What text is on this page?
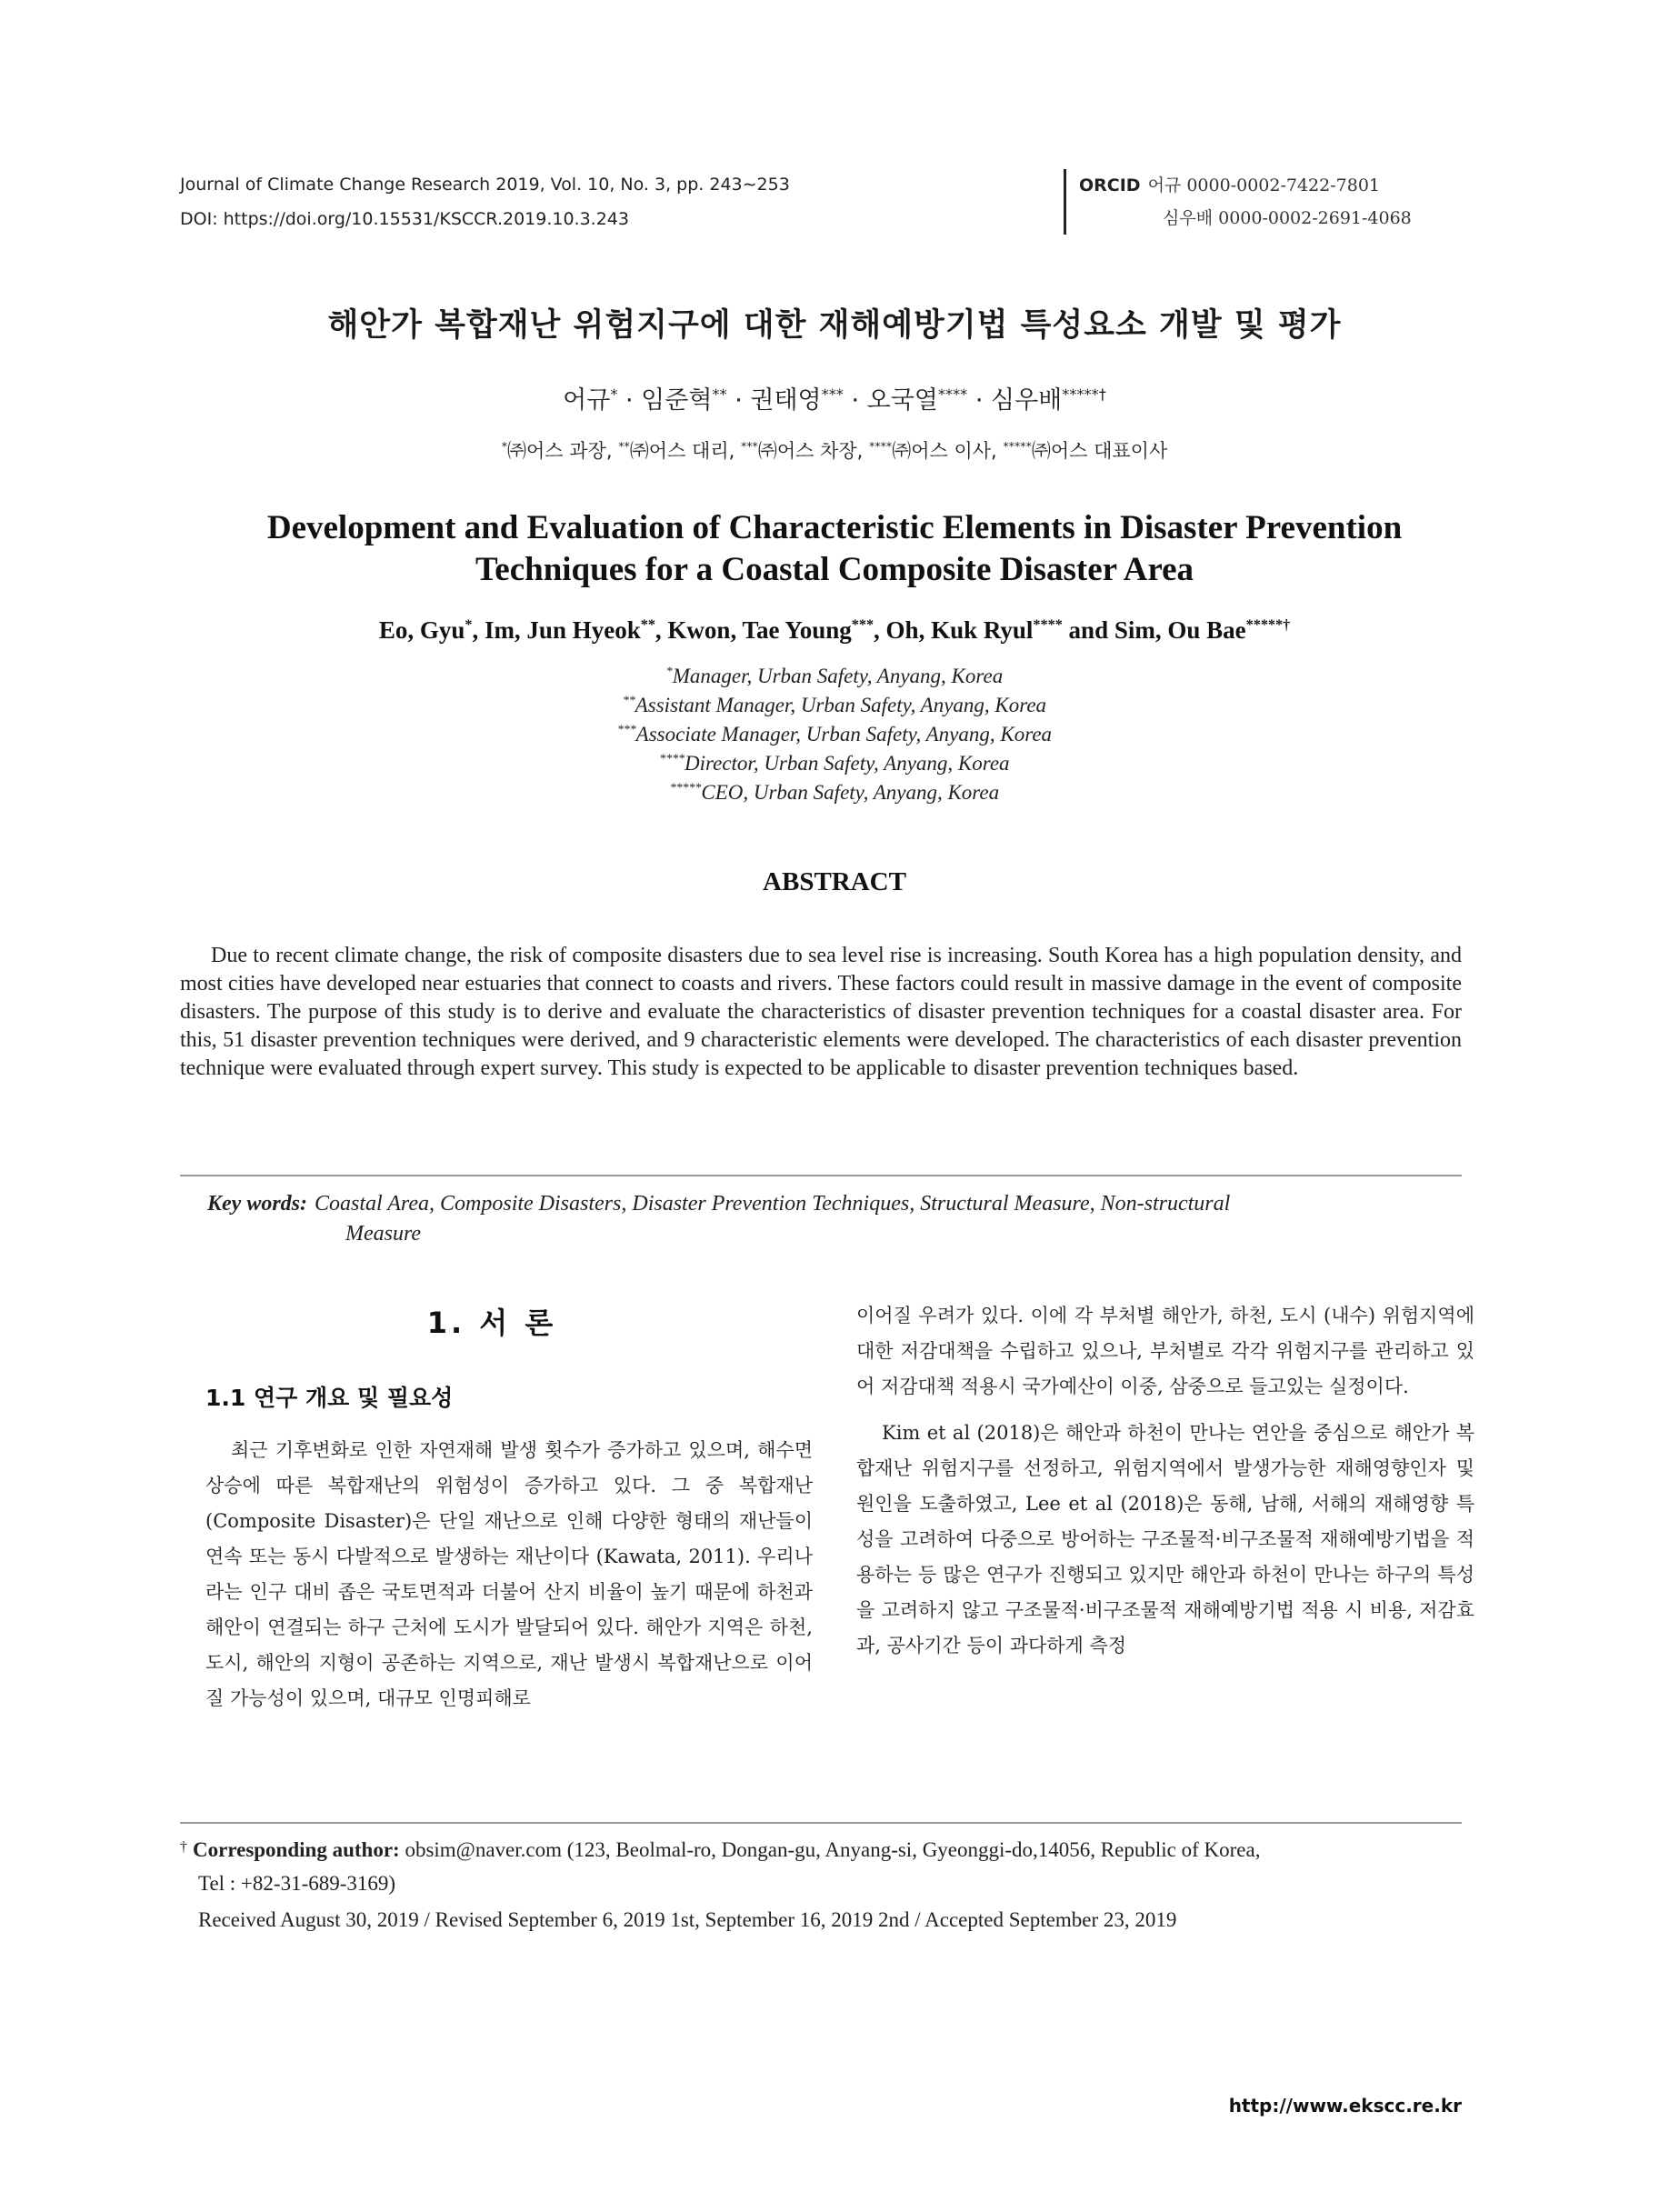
Journal of Climate Change Research 2019, Vol. 10, No. 3, pp. 243∼253
DOI: https://doi.org/10.15531/KSCCR.2019.10.3.243
ORCID 어규 0000-0002-7422-7801
심우배 0000-0002-2691-4068
해안가 복합재난 위험지구에 대한 재해예방기법 특성요소 개발 및 평가
어규* · 임준혁** · 권태영*** · 오국열**** · 심우배*****†
*㈜어스 과장, **㈜어스 대리, ***㈜어스 차장, ****㈜어스 이사, *****㈜어스 대표이사
Development and Evaluation of Characteristic Elements in Disaster Prevention
Techniques for a Coastal Composite Disaster Area
Eo, Gyu*, Im, Jun Hyeok**, Kwon, Tae Young***, Oh, Kuk Ryul**** and Sim, Ou Bae*****†
*Manager, Urban Safety, Anyang, Korea
**Assistant Manager, Urban Safety, Anyang, Korea
***Associate Manager, Urban Safety, Anyang, Korea
****Director, Urban Safety, Anyang, Korea
*****CEO, Urban Safety, Anyang, Korea
ABSTRACT

Due to recent climate change, the risk of composite disasters due to sea level rise is increasing. South Korea has a high population density, and most cities have developed near estuaries that connect to coasts and rivers. These factors could result in massive damage in the event of composite disasters. The purpose of this study is to derive and evaluate the characteristics of disaster prevention techniques for a coastal disaster area. For this, 51 disaster prevention techniques were derived, and 9 characteristic elements were developed. The characteristics of each disaster prevention technique were evaluated through expert survey. This study is expected to be applicable to disaster prevention techniques based.

Key words: Coastal Area, Composite Disasters, Disaster Prevention Techniques, Structural Measure, Non-structural
Measure
1. 서 론
1.1 연구 개요 및 필요성

최근 기후변화로 인한 자연재해 발생 횟수가 증가하고 있으며, 해수면 상승에 따른 복합재난의 위험성이 증가하고 있다. 그 중 복합재난 (Composite Disaster)은 단일 재난으로 인해 다양한 형태의 재난들이 연속 또는 동시 다발적으로 발생하는 재난이다 (Kawata, 2011). 우리나라는 인구 대비 좁은 국토면적과 더불어 산지 비율이 높기 때문에 하천과 해안이 연결되는 하구 근처에 도시가 발달되어 있다. 해안가 지역은 하천, 도시, 해안의 지형이 공존하는 지역으로, 재난 발생시 복합재난으로 이어질 가능성이 있으며, 대규모 인명피해로

이어질 우려가 있다. 이에 각 부처별 해안가, 하천, 도시 (내수) 위험지역에 대한 저감대책을 수립하고 있으나, 부처별로 각각 위험지구를 관리하고 있어 저감대책 적용시 국가예산이 이중, 삼중으로 들고있는 실정이다.

Kim et al (2018)은 해안과 하천이 만나는 연안을 중심으로 해안가 복합재난 위험지구를 선정하고, 위험지역에서 발생가능한 재해영향인자 및 원인을 도출하였고, Lee et al (2018)은 동해, 남해, 서해의 재해영향 특성을 고려하여 다중으로 방어하는 구조물적·비구조물적 재해예방기법을 적용하는 등 많은 연구가 진행되고 있지만 해안과 하천이 만나는 하구의 특성을 고려하지 않고 구조물적·비구조물적 재해예방기법 적용 시 비용, 저감효과, 공사기간 등이 과다하게 측정

† Corresponding author: obsim@naver.com (123, Beolmal-ro, Dongan-gu, Anyang-si, Gyeonggi-do,14056, Republic of Korea,
Tel : +82-31-689-3169)
Received August 30, 2019 / Revised September 6, 2019 1st, September 16, 2019 2nd / Accepted September 23, 2019
http://www.ekscc.re.kr
